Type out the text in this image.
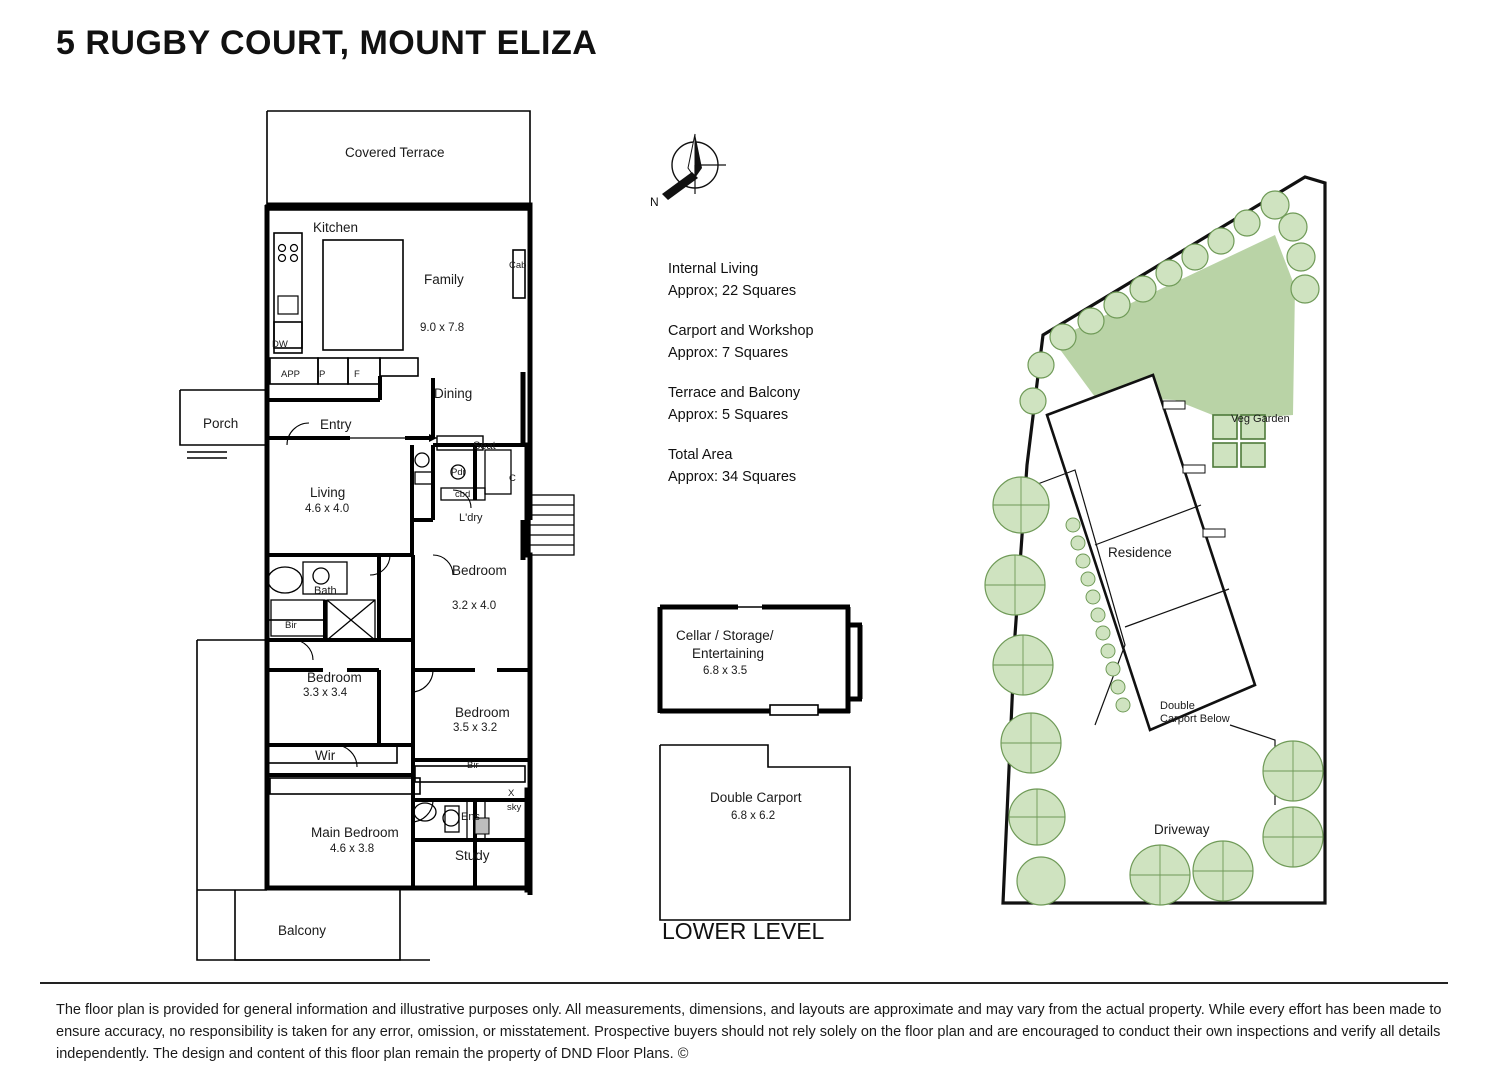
5 RUGBY COURT, MOUNT ELIZA
N
Internal Living
Approx; 22 Squares
Carport and Workshop
Approx: 7 Squares
Terrace and Balcony
Approx: 5 Squares
Total Area
Approx: 34 Squares
Covered Terrace
Kitchen
Family
9.0 x 7.8
Dining
Entry
Porch
Living
4.6 x 4.0
Bath
Bedroom
3.2 x 4.0
Bedroom
3.3 x 3.4
Bedroom
3.5 x 3.2
Main Bedroom
4.6 x 3.8	Study
Balcony
Wir
Ens
L'dry
Cab
DW
APP P	F
Seat
Pdr
cbd
C
Bir
Bir
X
sky
Cellar / Storage/
Entertaining
6.8 x 3.5
Double Carport
6.8 x 6.2
LOWER LEVEL
Residence
Veg Garden
Double
Carport Below
Driveway
The floor plan is provided for general information and illustrative purposes only. All measurements, dimensions, and layouts are approximate and may vary from the actual property. While every effort has been made to ensure accuracy, no responsibility is taken for any error, omission, or misstatement. Prospective buyers should not rely solely on the floor plan and are encouraged to conduct their own inspections and verify all details independently. The design and content of this floor plan remain the property of DND Floor Plans. ©
